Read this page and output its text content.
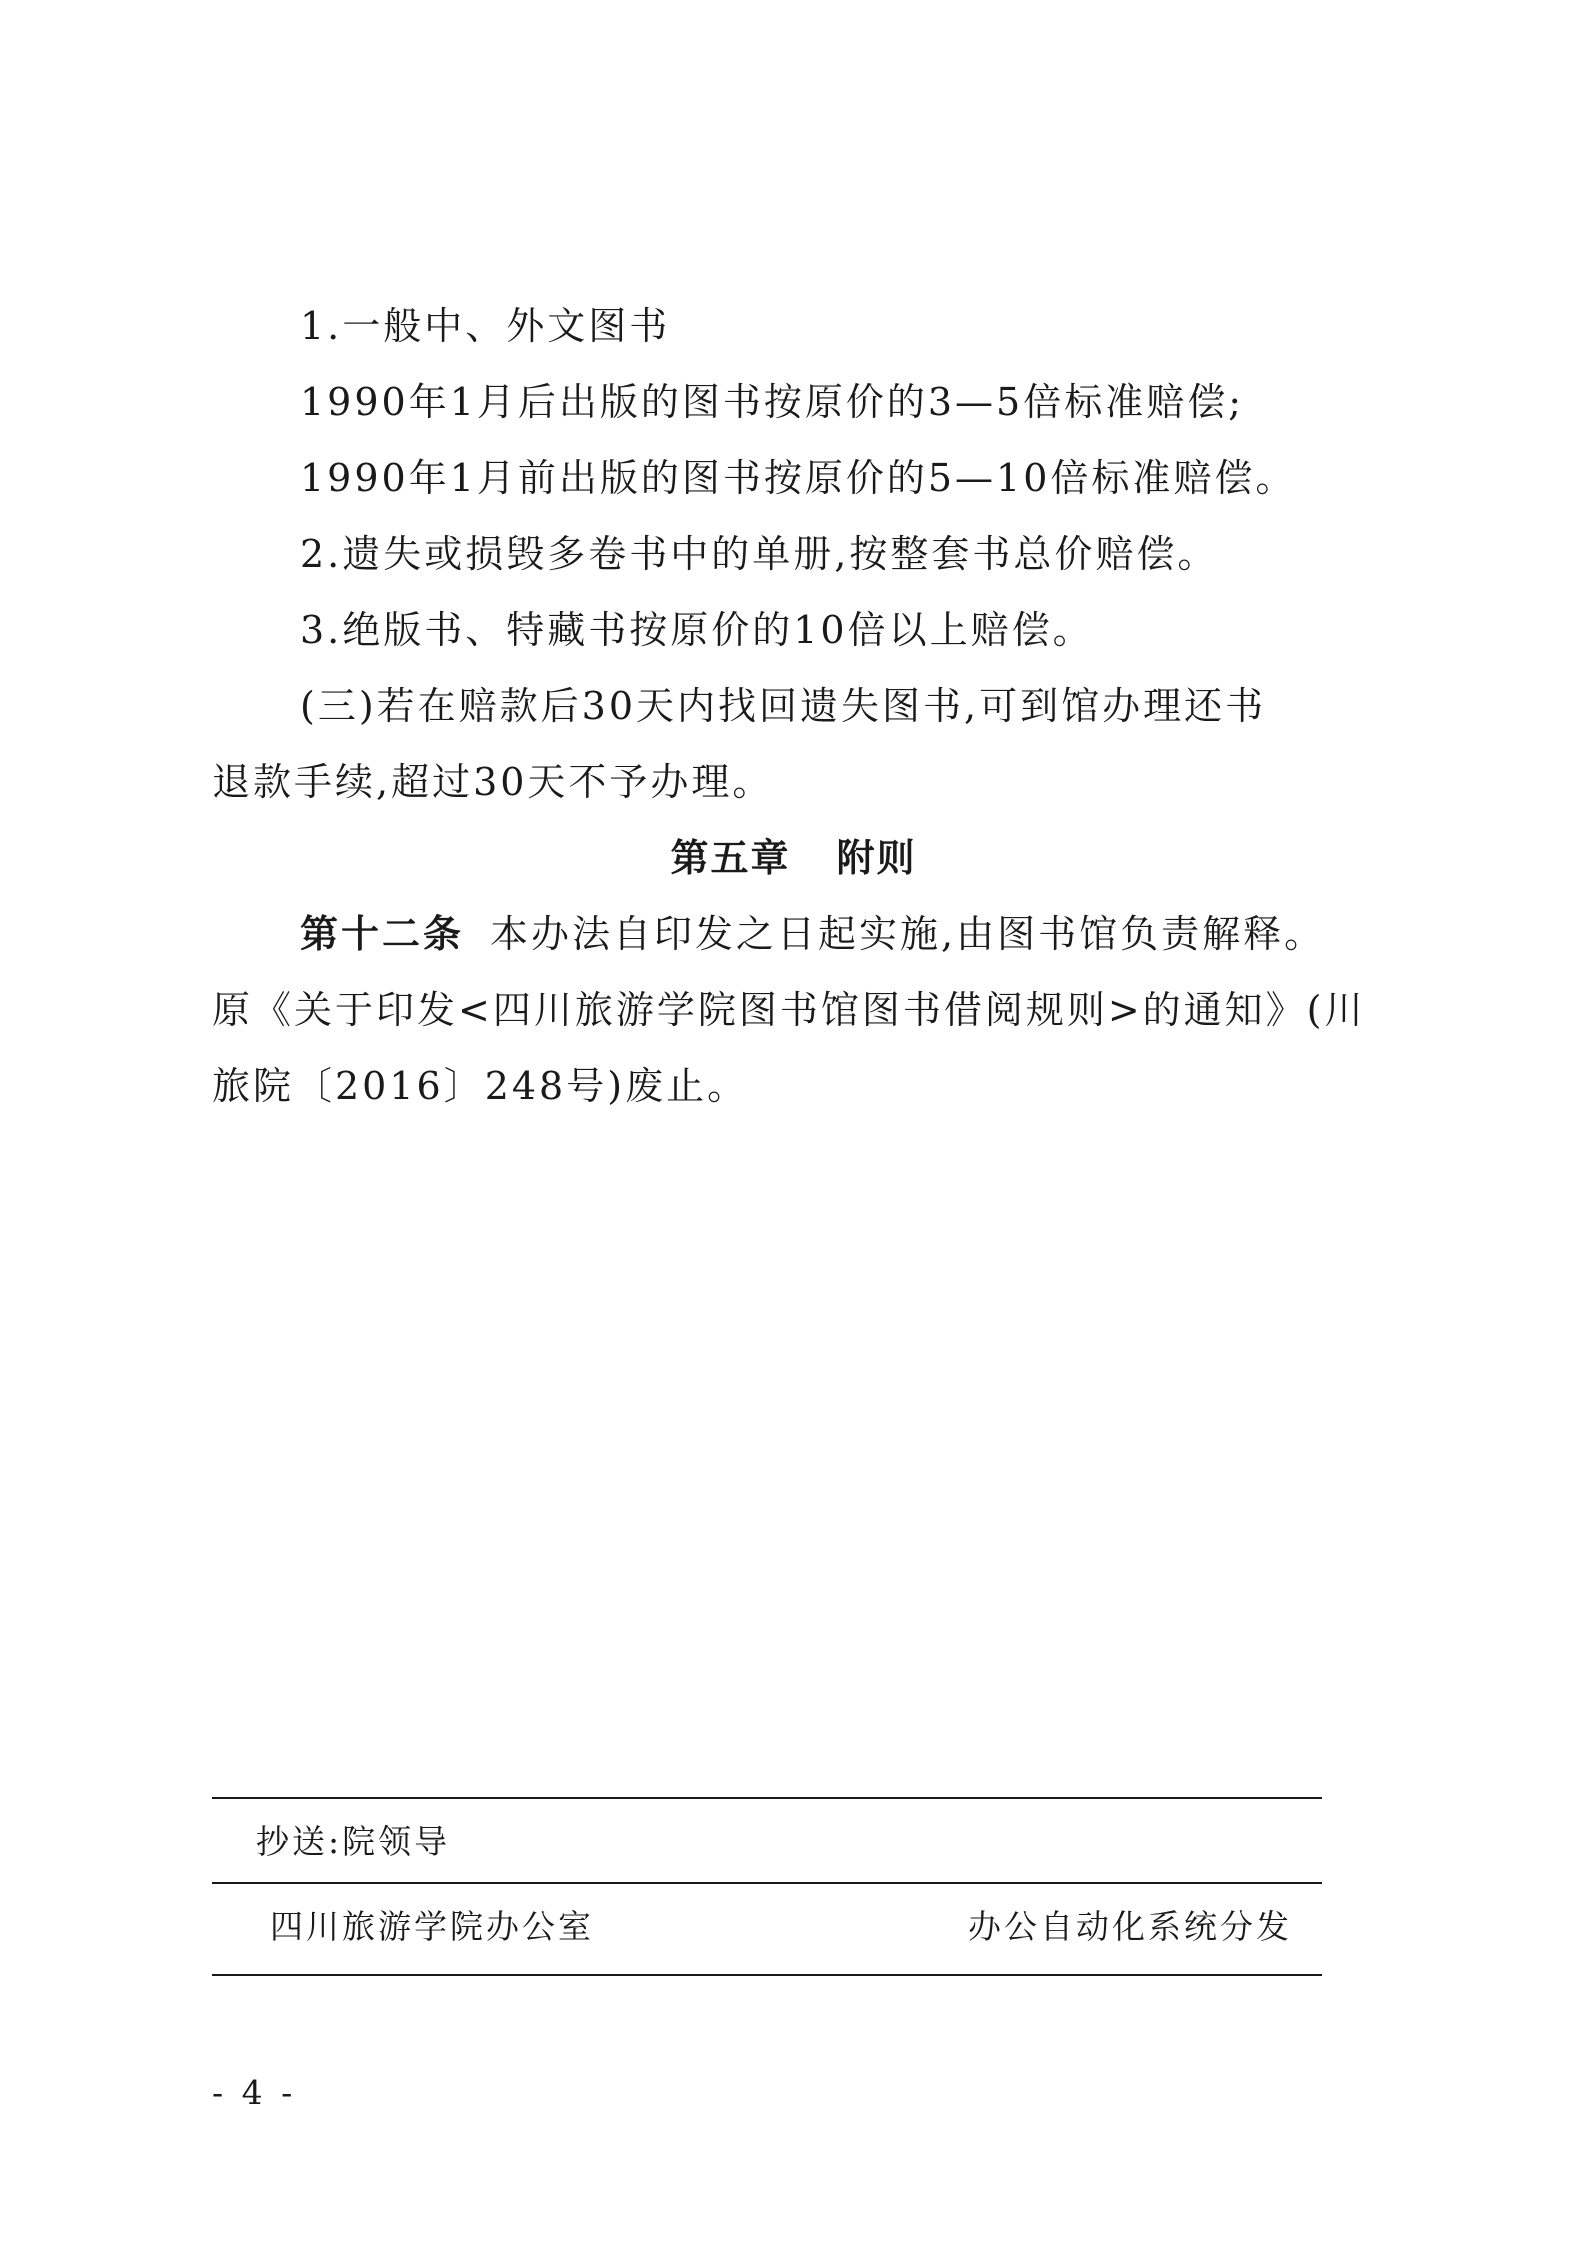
1.一般中、外文图书
1990年1月后出版的图书按原价的3—5倍标准赔偿;
1990年1月前出版的图书按原价的5—10倍标准赔偿。
2.遗失或损毁多卷书中的单册,按整套书总价赔偿。
3.绝版书、特藏书按原价的10倍以上赔偿。
(三)若在赔款后30天内找回遗失图书,可到馆办理还书
退款手续,超过30天不予办理。
第五章 附则
第十二条 本办法自印发之日起实施,由图书馆负责解释。
原《关于印发<四川旅游学院图书馆图书借阅规则>的通知》(川
旅院〔2016〕248号)废止。
抄送:院领导
四川旅游学院办公室	办公自动化系统分发
- 4 -
